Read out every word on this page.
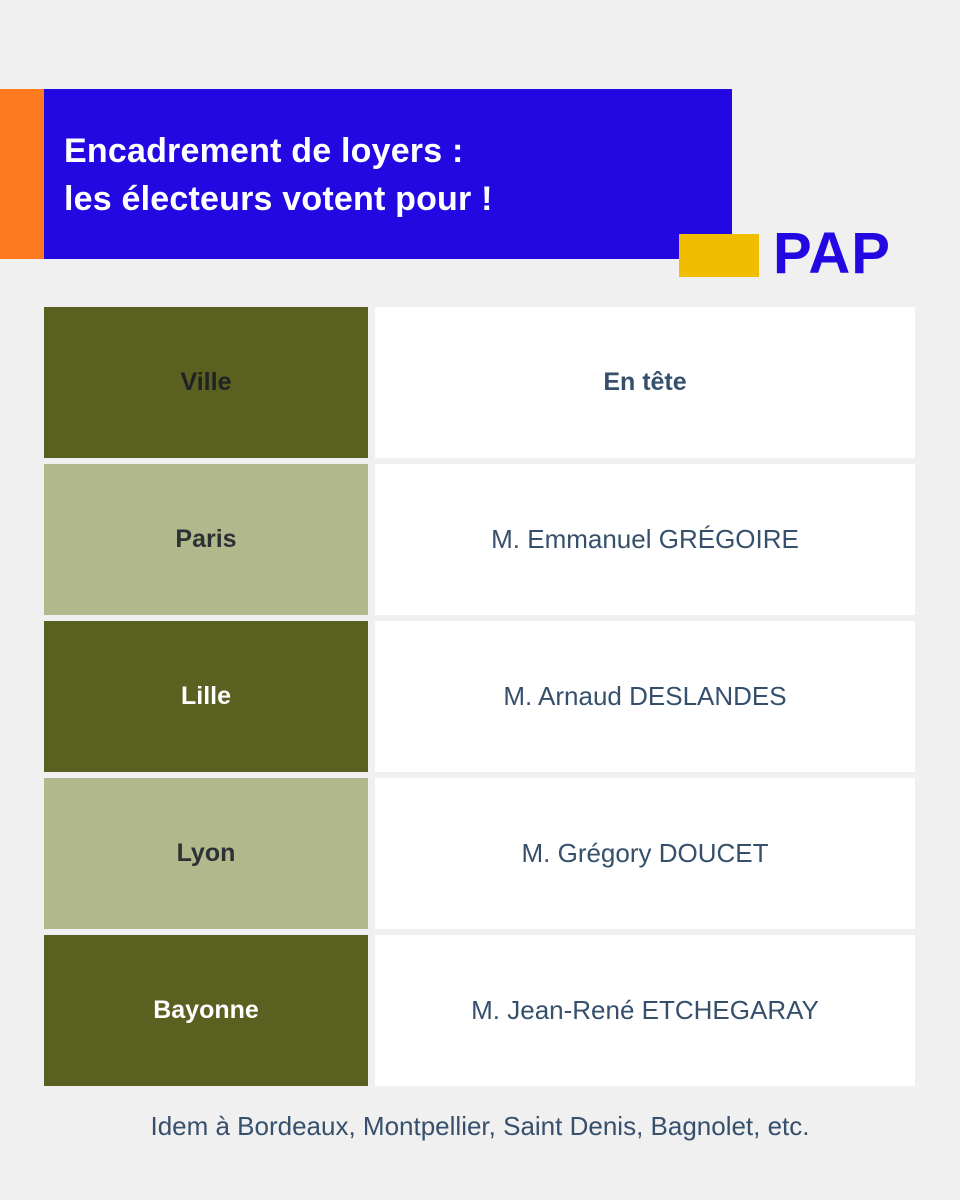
Encadrement de loyers :
les électeurs votent pour !
PAP
Ville	En tête
Paris	M. Emmanuel GRÉGOIRE
Lille	M. Arnaud DESLANDES
Lyon	M. Grégory DOUCET
Bayonne	M. Jean-René ETCHEGARAY
Idem à Bordeaux, Montpellier, Saint Denis, Bagnolet, etc.
